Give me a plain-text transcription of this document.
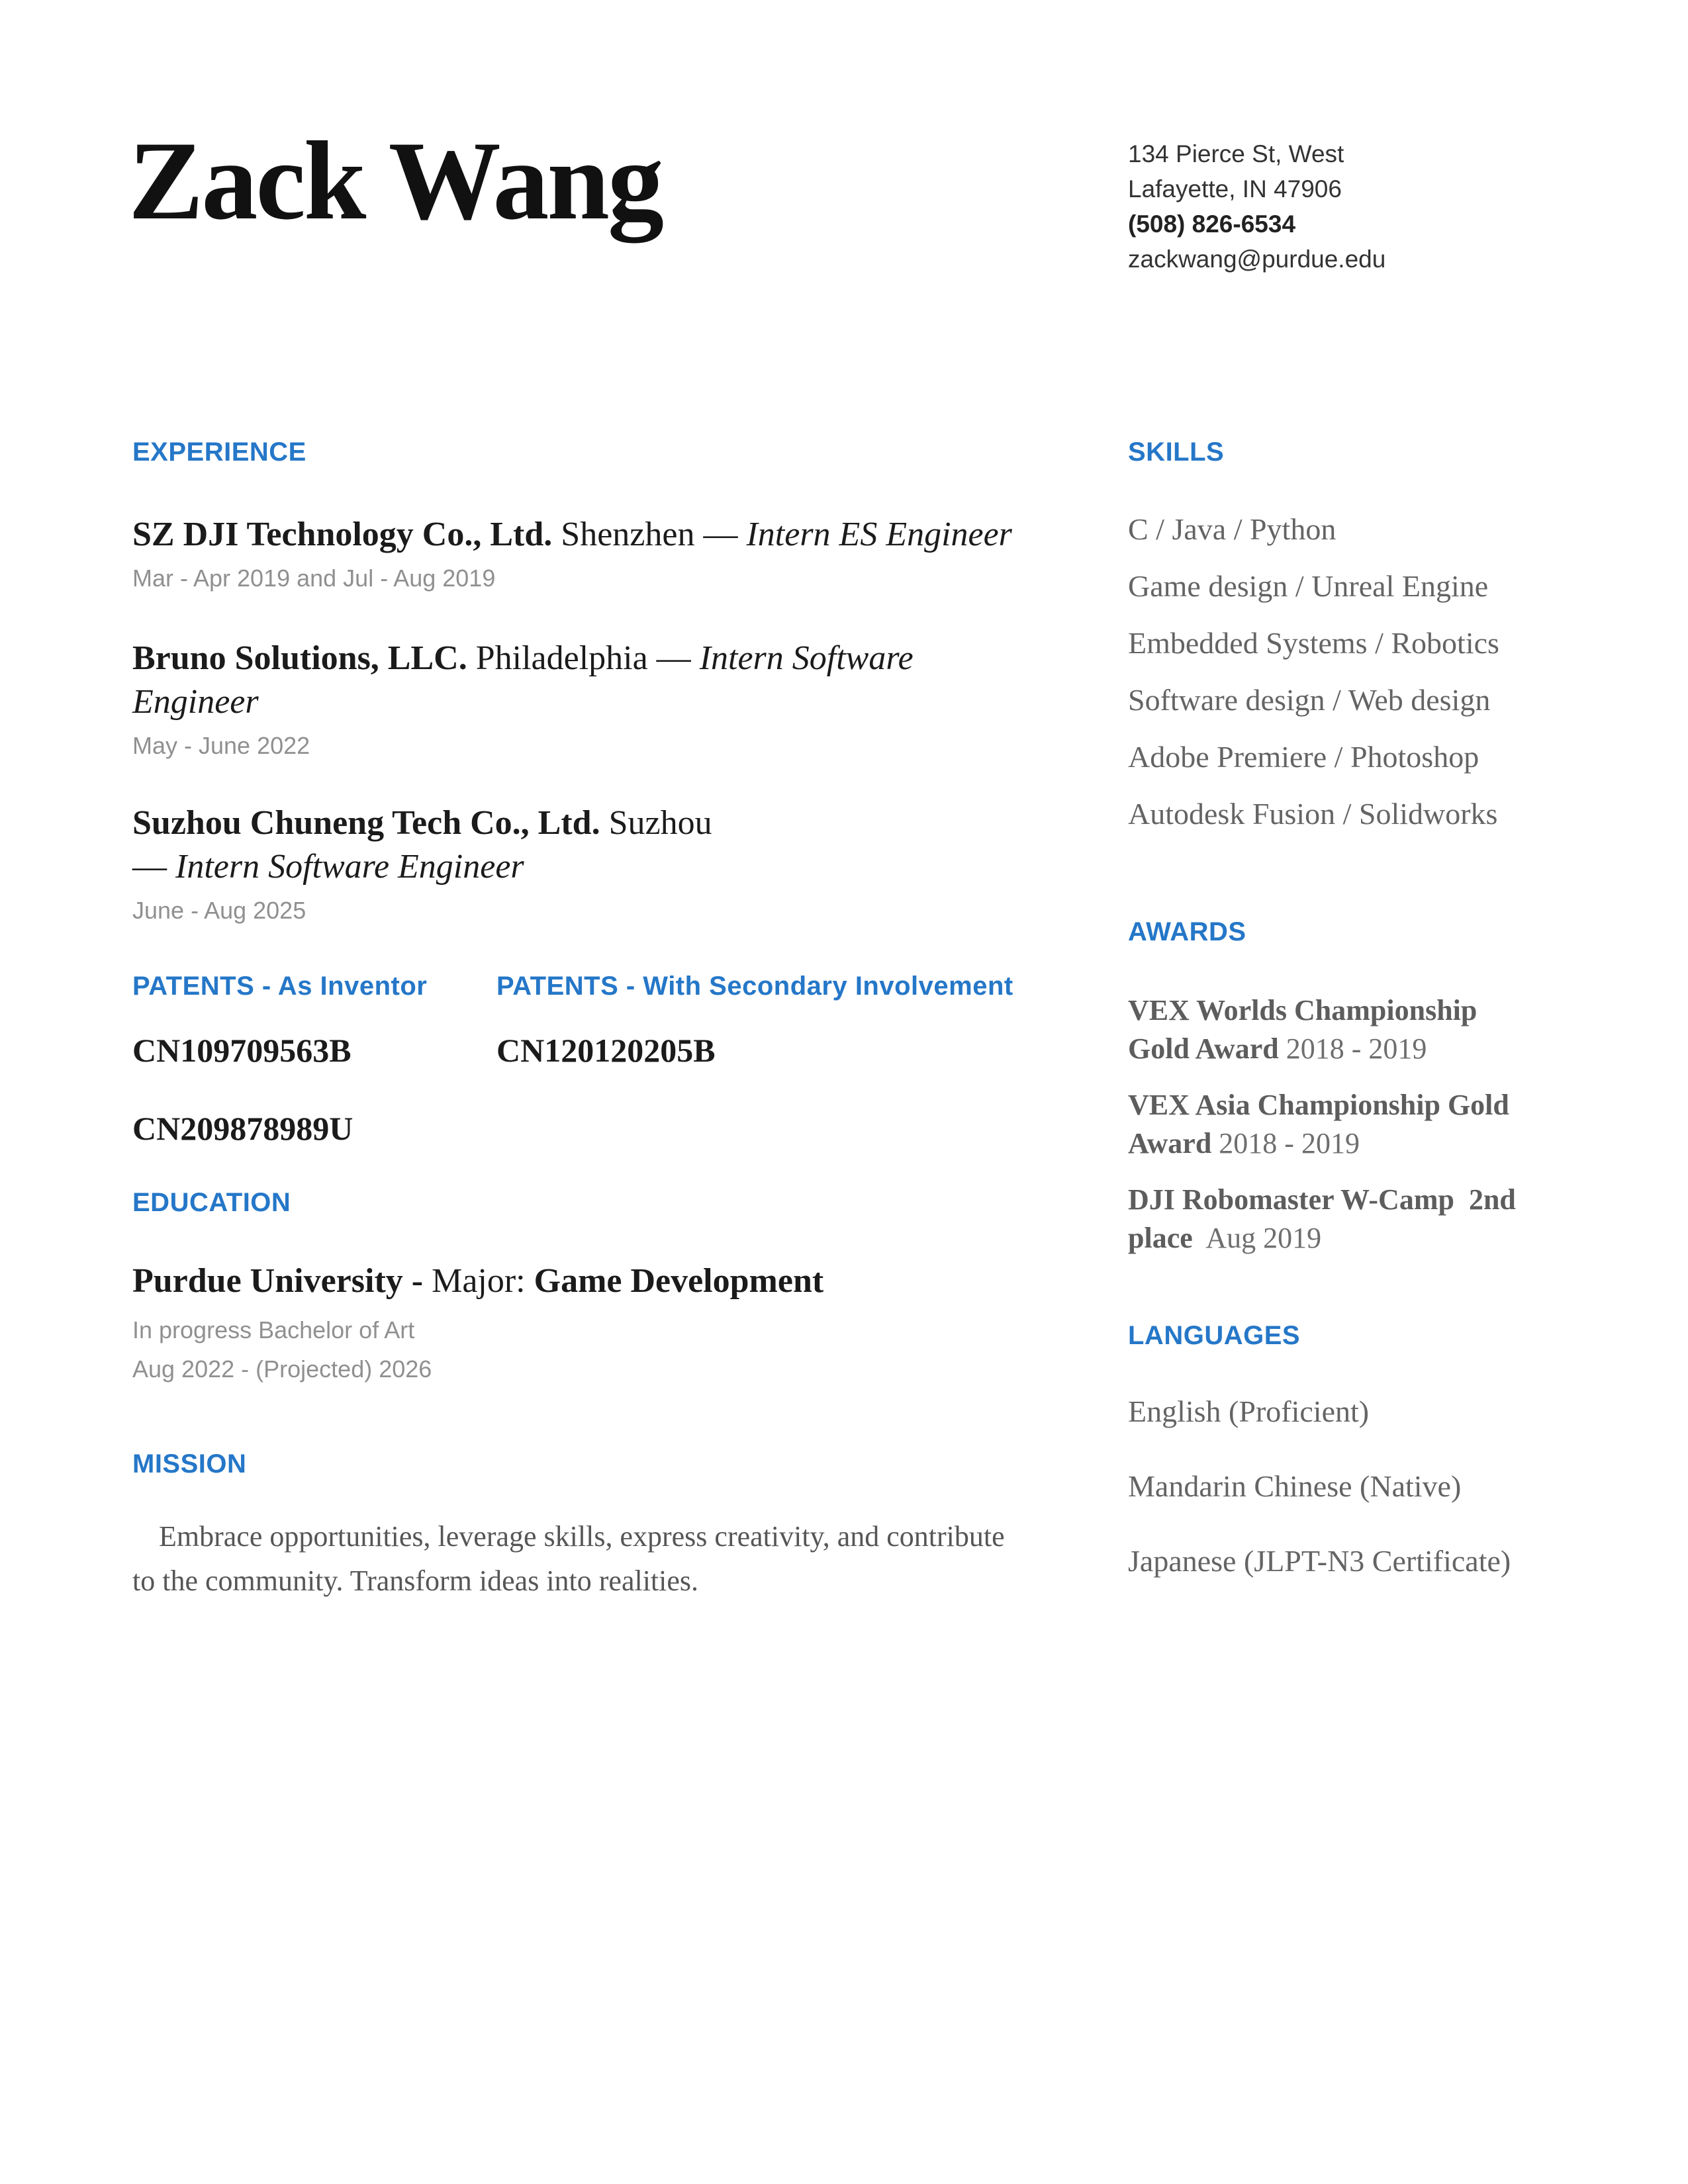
Zack Wang	134 Pierce St, West
Lafayette, IN 47906
(508) 826-6534
zackwang@purdue.edu
EXPERIENCE
SZ DJI Technology Co., Ltd. Shenzhen — Intern ES Engineer
Mar - Apr 2019 and Jul - Aug 2019
Bruno Solutions, LLC. Philadelphia — Intern Software
Engineer
May - June 2022
Suzhou Chuneng Tech Co., Ltd. Suzhou
— Intern Software Engineer
June - Aug 2025
PATENTS - As Inventor
CN109709563B
CN209878989U
PATENTS - With Secondary Involvement
CN120120205B
EDUCATION
Purdue University - Major: Game Development
In progress Bachelor of Art
Aug 2022 - (Projected) 2026
MISSION
Embrace opportunities, leverage skills, express creativity, and contribute
to the community. Transform ideas into realities.
SKILLS
C / Java / Python
Game design / Unreal Engine
Embedded Systems / Robotics
Software design / Web design
Adobe Premiere / Photoshop
Autodesk Fusion / Solidworks
AWARDS
VEX Worlds Championship
Gold Award 2018 - 2019
VEX Asia Championship Gold
Award 2018 - 2019
DJI Robomaster W-Camp  2nd
place  Aug 2019
LANGUAGES
English (Proficient)
Mandarin Chinese (Native)
Japanese (JLPT-N3 Certificate)
